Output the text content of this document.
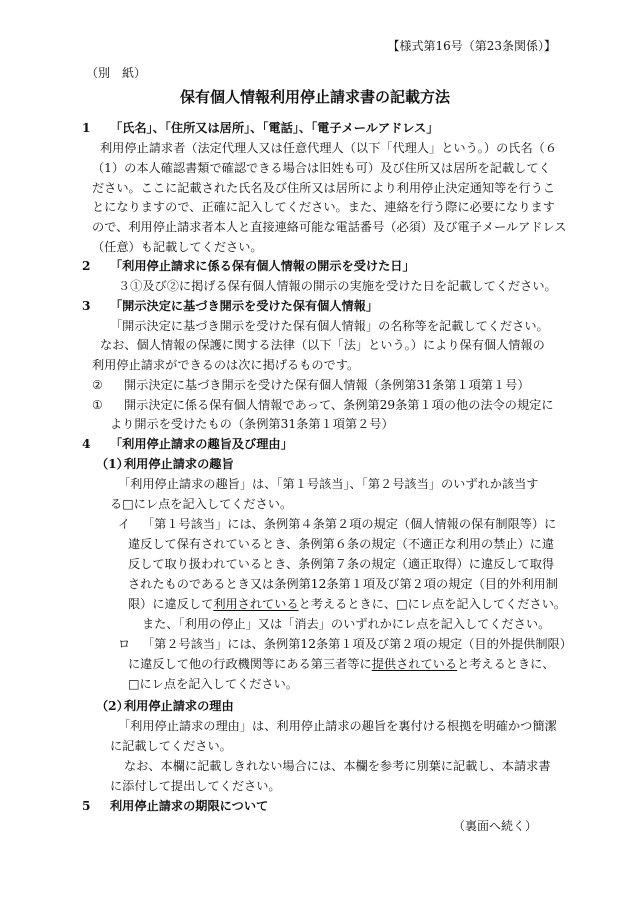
【様式第16号（第23条関係）】
（別　紙）
保有個人情報利用停止請求書の記載方法
1 「氏名」、「住所又は居所」、「電話」、「電子メールアドレス」
利用停止請求者（法定代理人又は任意代理人（以下「代理人」という。）の氏名（６
（1）の本人確認書類で確認できる場合は旧姓も可）及び住所又は居所を記載してく
ださい。ここに記載された氏名及び住所又は居所により利用停止決定通知等を行うこ
とになりますので、正確に記入してください。また、連絡を行う際に必要になります
ので、利用停止請求者本人と直接連絡可能な電話番号（必須）及び電子メールアドレス
（任意）も記載してください。
2 「利用停止請求に係る保有個人情報の開示を受けた日」
３①及び②に掲げる保有個人情報の開示の実施を受けた日を記載してください。
3 「開示決定に基づき開示を受けた保有個人情報」
「開示決定に基づき開示を受けた保有個人情報」の名称等を記載してください。
なお、個人情報の保護に関する法律（以下「法」という。）により保有個人情報の
利用停止請求ができるのは次に掲げるものです。
② 開示決定に基づき開示を受けた保有個人情報（条例第31条第１項第１号）
① 開示決定に係る保有個人情報であって、条例第29条第１項の他の法令の規定に
より開示を受けたもの（条例第31条第１項第２号）
4 「利用停止請求の趣旨及び理由」
（1）
利用停止請求の趣旨
「利用停止請求の趣旨」は、「第１号該当」、「第２号該当」のいずれか該当す
る□にレ点を記入してください。
イ 「第１号該当」には、条例第４条第２項の規定（個人情報の保有制限等）に
違反して保有されているとき、条例第６条の規定（不適正な利用の禁止）に違
反して取り扱われているとき、条例第７条の規定（適正取得）に違反して取得
されたものであるとき又は条例第12条第１項及び第２項の規定（目的外利用制
限）に違反して利用されていると考えるときに、□にレ点を記入してください。
また、「利用の停止」又は「消去」のいずれかにレ点を記入してください。
ロ 「第２号該当」には、条例第12条第１項及び第２項の規定（目的外提供制限）
に違反して他の行政機関等にある第三者等に提供されていると考えるときに、
□にレ点を記入してください。
（2）
利用停止請求の理由
「利用停止請求の理由」は、利用停止請求の趣旨を裏付ける根拠を明確かつ簡潔
に記載してください。
なお、本欄に記載しきれない場合には、本欄を参考に別葉に記載し、本請求書
に添付して提出してください。
5 利用停止請求の期限について
（裏面へ続く）
